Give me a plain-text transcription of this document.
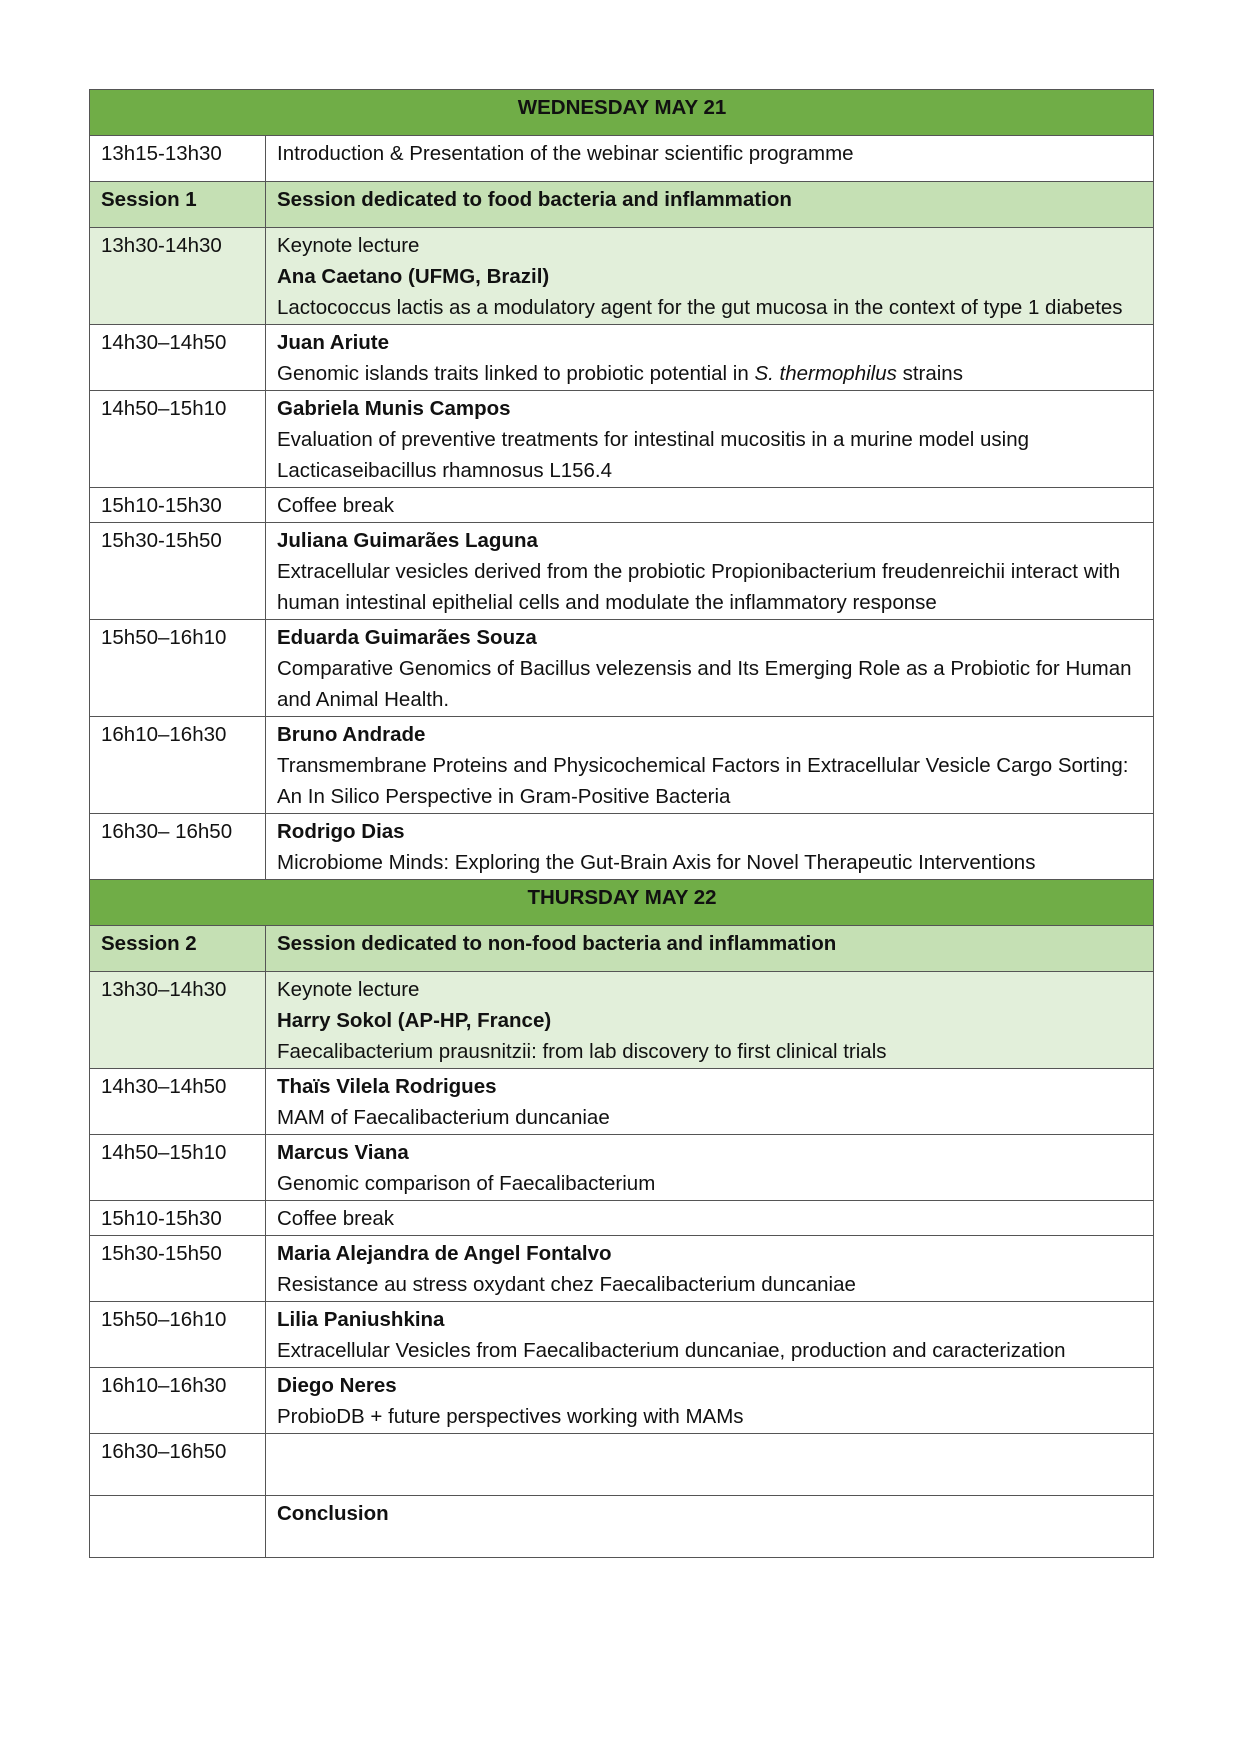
WEDNESDAY MAY 21	
13h15-13h30	Introduction & Presentation of the webinar scientific programme
Session 1	Session dedicated to food bacteria and inflammation
13h30-14h30	Keynote lecture
Ana Caetano (UFMG, Brazil)
Lactococcus lactis as a modulatory agent for the gut mucosa in the context of type 1 diabetes

14h30–14h50	Juan Ariute
Genomic islands traits linked to probiotic potential in S. thermophilus strains

14h50–15h10	Gabriela Munis Campos
Evaluation of preventive treatments for intestinal mucositis in a murine model using Lacticaseibacillus rhamnosus L156.4

15h10-15h30	Coffee break
15h30-15h50	Juliana Guimarães Laguna
Extracellular vesicles derived from the probiotic Propionibacterium freudenreichii interact with human intestinal epithelial cells and modulate the inflammatory response

15h50–16h10	Eduarda Guimarães Souza
Comparative Genomics of Bacillus velezensis and Its Emerging Role as a Probiotic for Human and Animal Health.

16h10–16h30	Bruno Andrade
Transmembrane Proteins and Physicochemical Factors in Extracellular Vesicle Cargo Sorting: An In Silico Perspective in Gram-Positive Bacteria

16h30– 16h50	Rodrigo Dias
Microbiome Minds: Exploring the Gut-Brain Axis for Novel Therapeutic Interventions

THURSDAY MAY 22	
Session 2	Session dedicated to non-food bacteria and inflammation
13h30–14h30	Keynote lecture
Harry Sokol (AP-HP, France)
Faecalibacterium prausnitzii: from lab discovery to first clinical trials

14h30–14h50	Thaïs Vilela Rodrigues
MAM of Faecalibacterium duncaniae

14h50–15h10	Marcus Viana
Genomic comparison of Faecalibacterium

15h10-15h30	Coffee break
15h30-15h50	Maria Alejandra de Angel Fontalvo
Resistance au stress oxydant chez Faecalibacterium duncaniae

15h50–16h10	Lilia Paniushkina
Extracellular Vesicles from Faecalibacterium duncaniae, production and caracterization

16h10–16h30	Diego Neres
ProbioDB + future perspectives working with MAMs

16h30–16h50	

	Conclusion
